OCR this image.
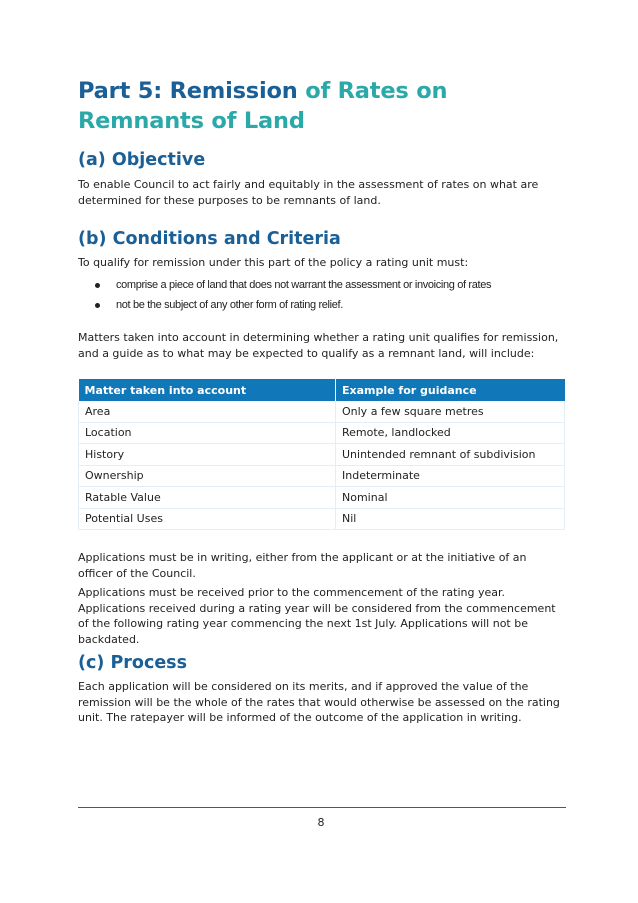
Part 5: Remission of Rates on Remnants of Land
(a) Objective

To enable Council to act fairly and equitably in the assessment of rates on what are determined for these purposes to be remnants of land.

(b) Conditions and Criteria

To qualify for remission under this part of the policy a rating unit must:

comprise a piece of land that does not warrant the assessment or invoicing of rates
not be the subject of any other form of rating relief.

Matters taken into account in determining whether a rating unit qualifies for remission, and a guide as to what may be expected to qualify as a remnant land, will include:

Matter taken into account	Example for guidance
Area	Only a few square metres
Location	Remote, landlocked
History	Unintended remnant of subdivision
Ownership	Indeterminate
Ratable Value	Nominal
Potential Uses	Nil

Applications must be in writing, either from the applicant or at the initiative of an officer of the Council.

Applications must be received prior to the commencement of the rating year. Applications received during a rating year will be considered from the commencement of the following rating year commencing the next 1st July. Applications will not be backdated.

(c) Process

Each application will be considered on its merits, and if approved the value of the remission will be the whole of the rates that would otherwise be assessed on the rating unit. The ratepayer will be informed of the outcome of the application in writing.

8
